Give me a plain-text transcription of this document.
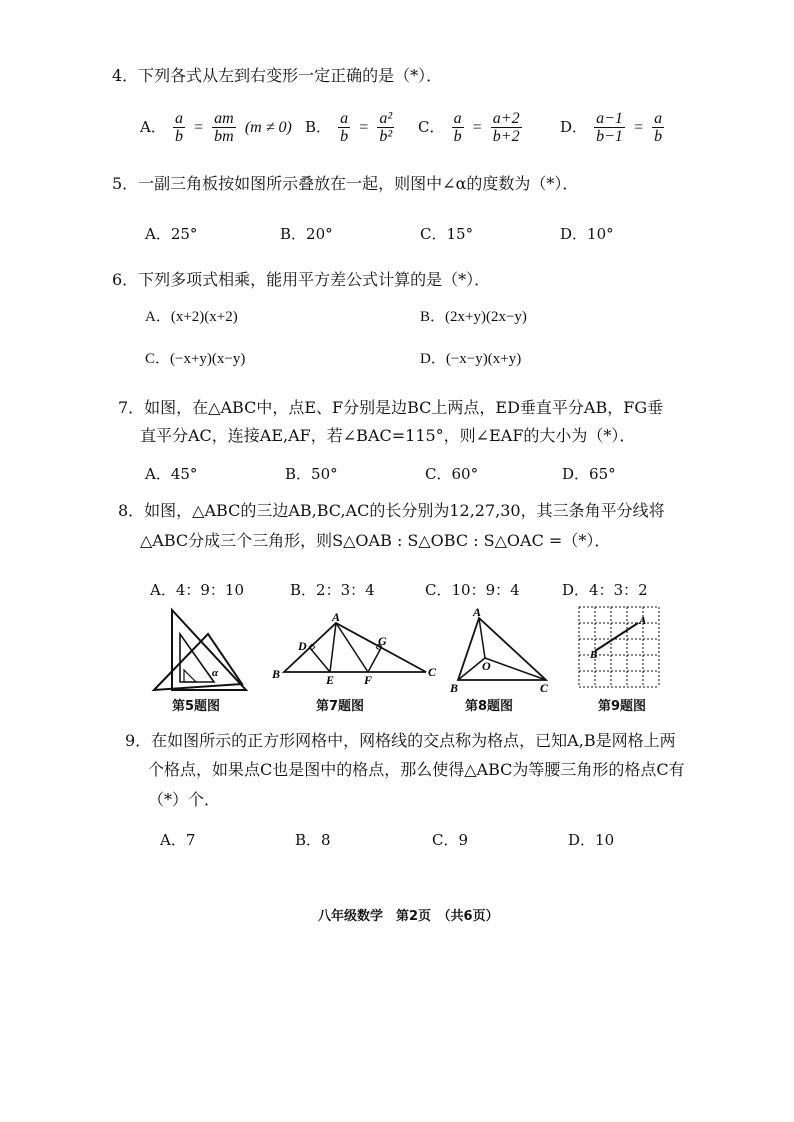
4．下列各式从左到右变形一定正确的是（*）．
A． $\frac{a}{b} = \frac{am}{bm} (m \ne 0)$ B． $\frac{a}{b} = \frac{\text{a²}}{\text{b²}}$ C． $\frac{a}{b} = \frac{a+2}{b+2}$	D． $\frac{a-1}{b-1} = \frac{a}{b}$
5．一副三角板按如图所示叠放在一起，则图中∠α的度数为（*）．
A．25°	B．20°	C．15°	D．10°
6．下列多项式相乘，能用平方差公式计算的是（*）．
A．(x+2)(x+2)	B．(2x+y)(2x−y)
C．(−x+y)(x−y)	D．(−x−y)(x+y)
7．如图，在△ABC中，点E、F分别是边BC上两点，ED垂直平分AB，FG垂
直平分AC，连接AE,AF，若∠BAC=115°，则∠EAF的大小为（*）．
A．45°	B．50°	C．60°	D．65°
8．如图，△ABC的三边AB,BC,AC的长分别为12,27,30，其三条角平分线将
△ABC分成三个三角形，则S△OAB : S△OBC : S△OAC =（*）．
A．4：9：10	B．2：3：4	C．10：9：4	D．4：3：2
α
第5题图
A
B	C
D
E F
G
第7题图
A
B	C
O
第8题图
A
B
第9题图
9．在如图所示的正方形网格中，网格线的交点称为格点，已知A,B是网格上两
个格点，如果点C也是图中的格点，那么使得△ABC为等腰三角形的格点C有
（*）个．
A．7	B．8	C．9	D．10
八年级数学　第2页　（共6页）
